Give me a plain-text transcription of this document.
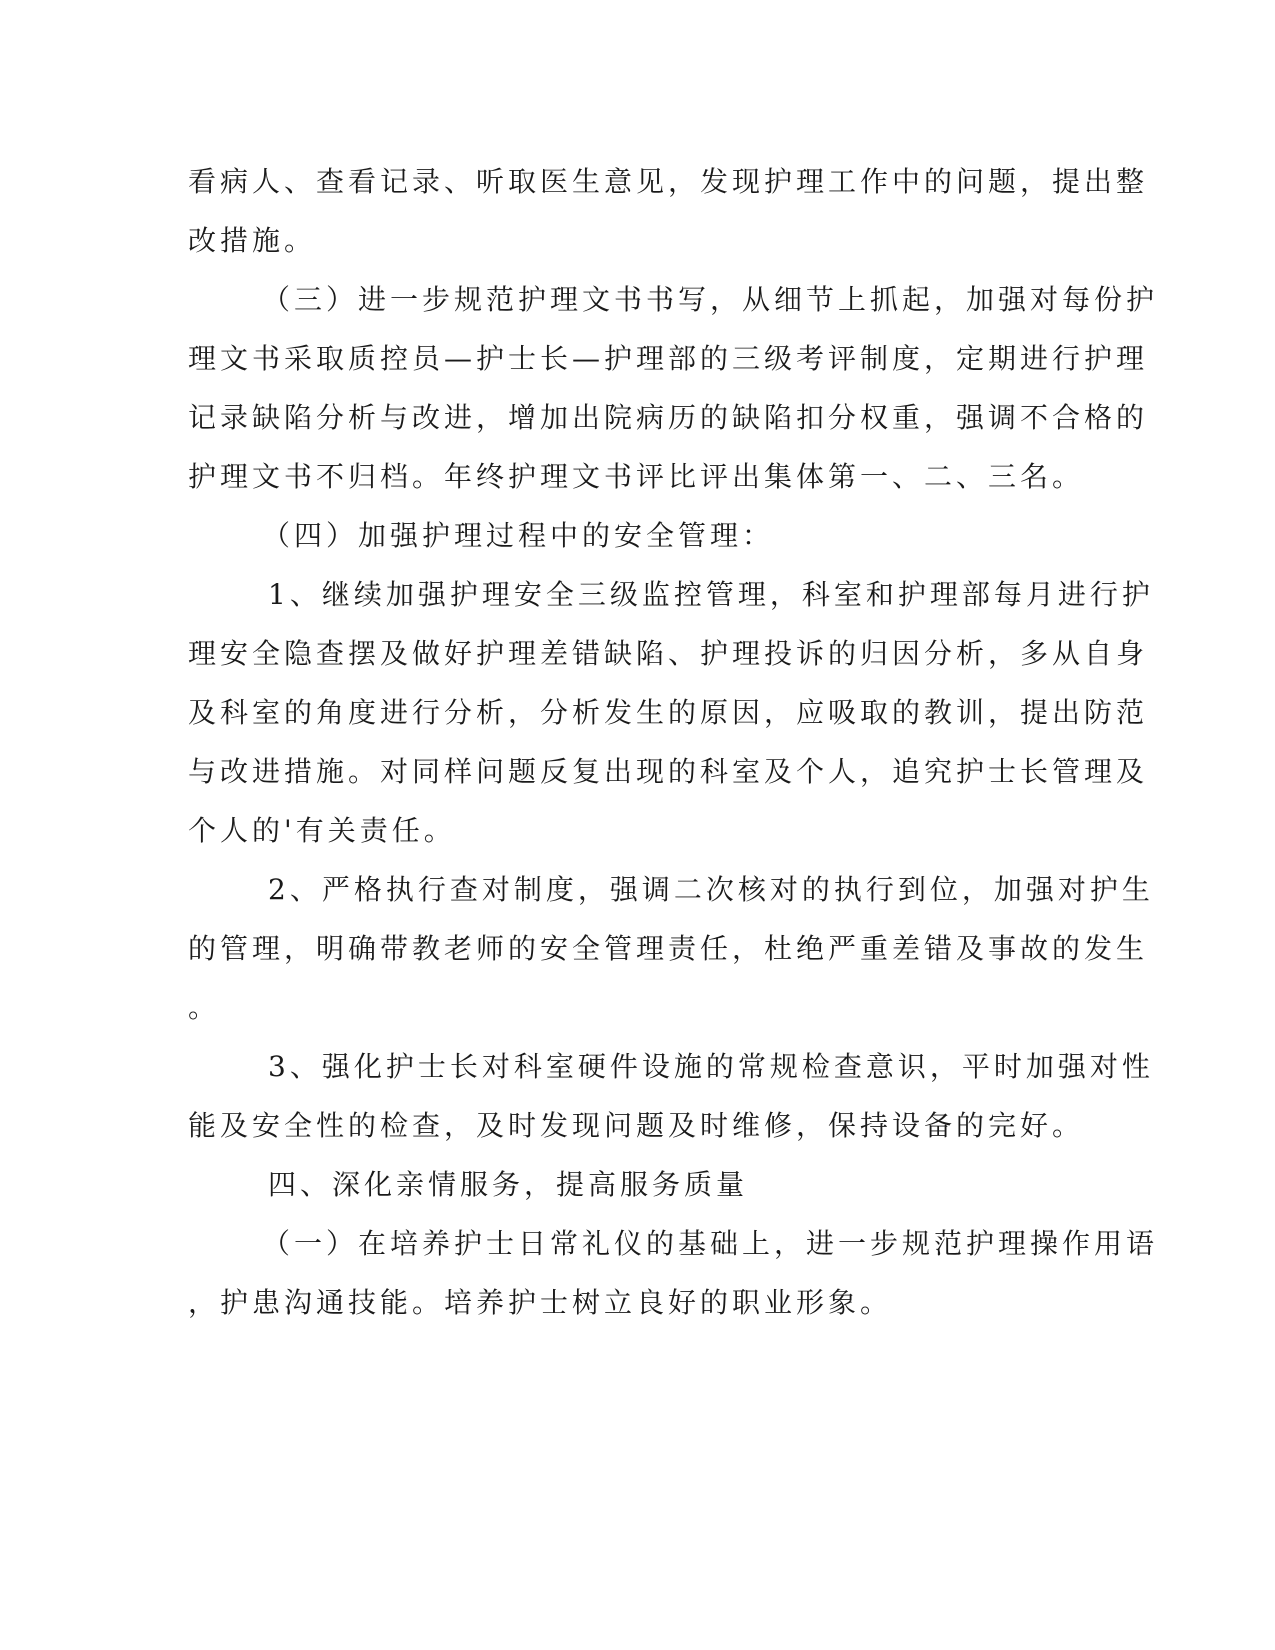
看病人、查看记录、听取医生意见，发现护理工作中的问题，提出整
改措施。
（三）进一步规范护理文书书写，从细节上抓起，加强对每份护
理文书采取质控员—护士长—护理部的三级考评制度，定期进行护理
记录缺陷分析与改进，增加出院病历的缺陷扣分权重，强调不合格的
护理文书不归档。年终护理文书评比评出集体第一、二、三名。
（四）加强护理过程中的安全管理：
1、继续加强护理安全三级监控管理，科室和护理部每月进行护
理安全隐查摆及做好护理差错缺陷、护理投诉的归因分析，多从自身
及科室的角度进行分析，分析发生的原因，应吸取的教训，提出防范
与改进措施。对同样问题反复出现的科室及个人，追究护士长管理及
个人的'有关责任。
2、严格执行查对制度，强调二次核对的执行到位，加强对护生
的管理，明确带教老师的安全管理责任，杜绝严重差错及事故的发生
。
3、强化护士长对科室硬件设施的常规检查意识，平时加强对性
能及安全性的检查，及时发现问题及时维修，保持设备的完好。
四、深化亲情服务，提高服务质量
（一）在培养护士日常礼仪的基础上，进一步规范护理操作用语
，护患沟通技能。培养护士树立良好的职业形象。
